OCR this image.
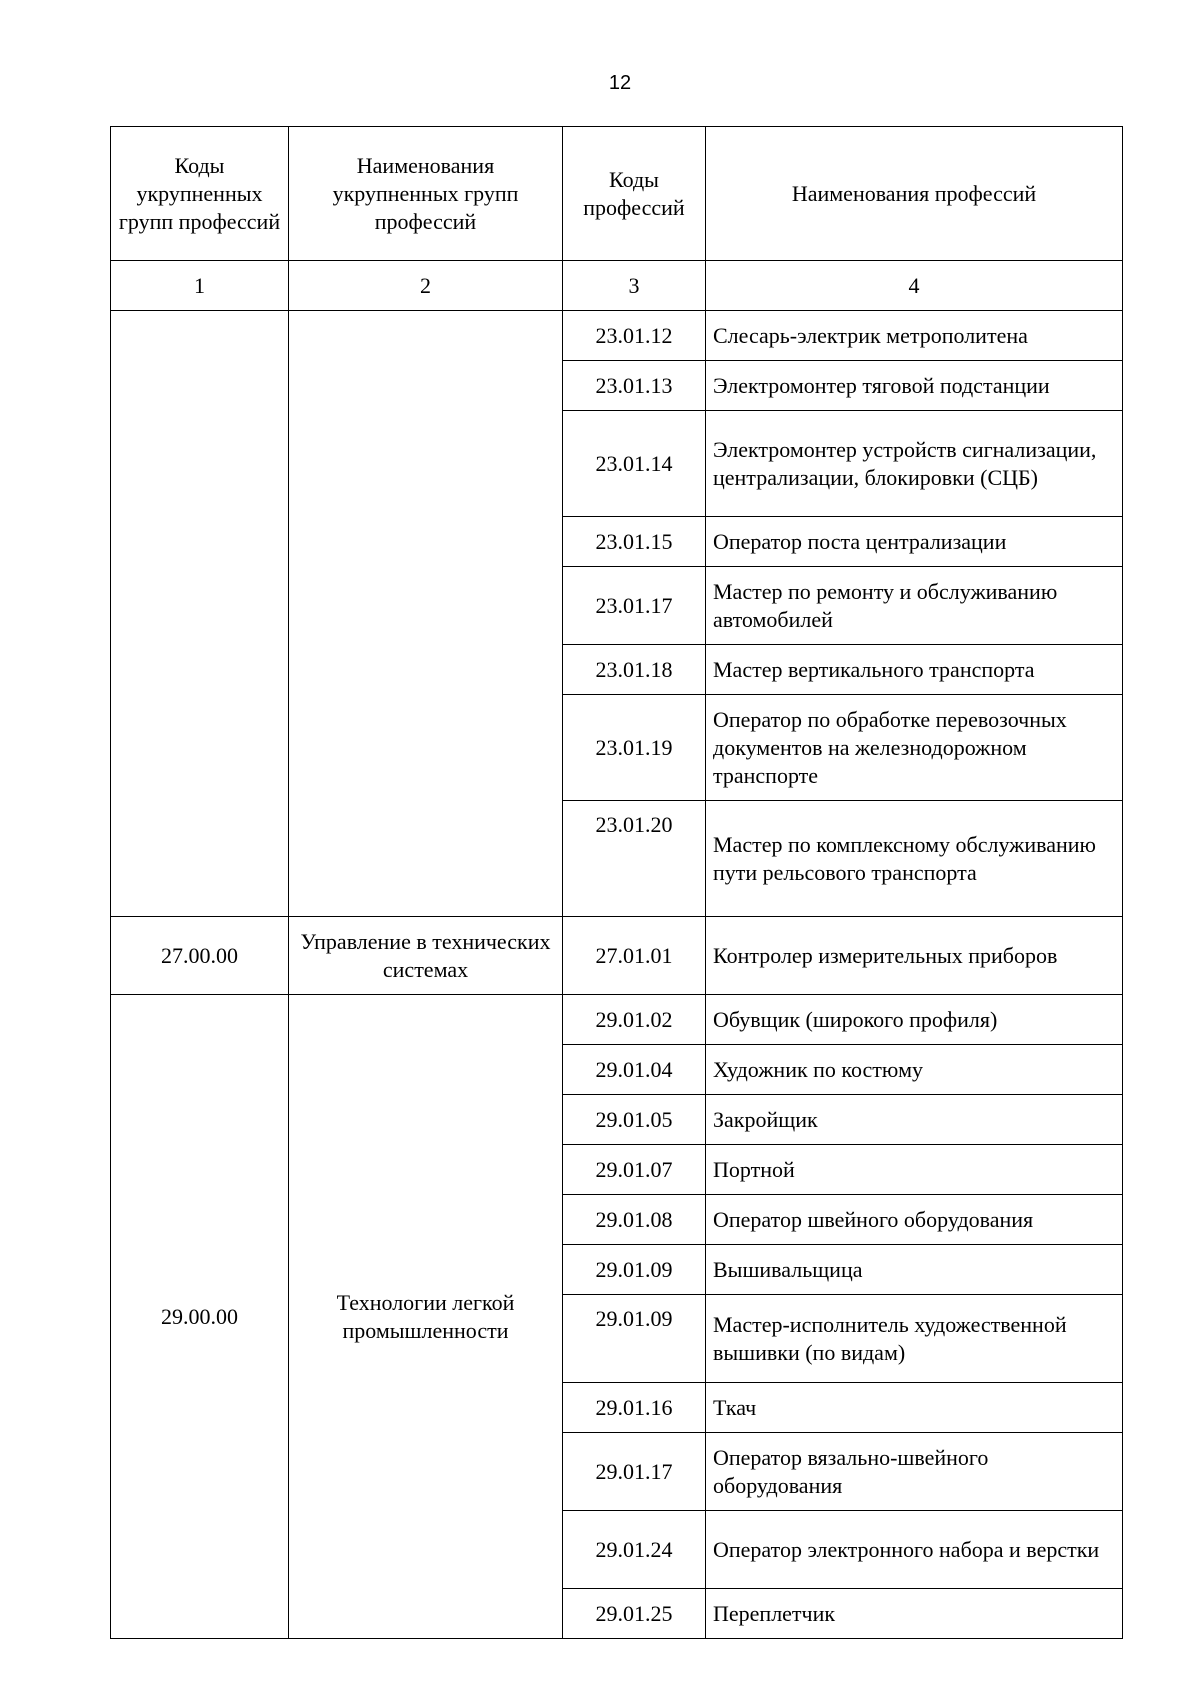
12
Коды укрупненных групп профессий	Наименования укрупненных групп профессий	Коды профессий	Наименования профессий
1	2	3	4
		23.01.12	Слесарь-электрик метрополитена
		23.01.13	Электромонтер тяговой подстанции
		23.01.14	Электромонтер устройств сигнализации, централизации, блокировки (СЦБ)
		23.01.15	Оператор поста централизации
		23.01.17	Мастер по ремонту и обслуживанию автомобилей
		23.01.18	Мастер вертикального транспорта
		23.01.19	Оператор по обработке перевозочных документов на железнодорожном транспорте
		23.01.20	Мастер по комплексному обслуживанию пути рельсового транспорта
27.00.00	Управление в технических системах	27.01.01	Контролер измерительных приборов
29.00.00	Технологии легкой промышленности	29.01.02	Обувщик (широкого профиля)
		29.01.04	Художник по костюму
		29.01.05	Закройщик
		29.01.07	Портной
		29.01.08	Оператор швейного оборудования
		29.01.09	Вышивальщица
		29.01.09	Мастер-исполнитель художественной вышивки (по видам)
		29.01.16	Ткач
		29.01.17	Оператор вязально-швейного оборудования
		29.01.24	Оператор электронного набора и верстки
		29.01.25	Переплетчик
